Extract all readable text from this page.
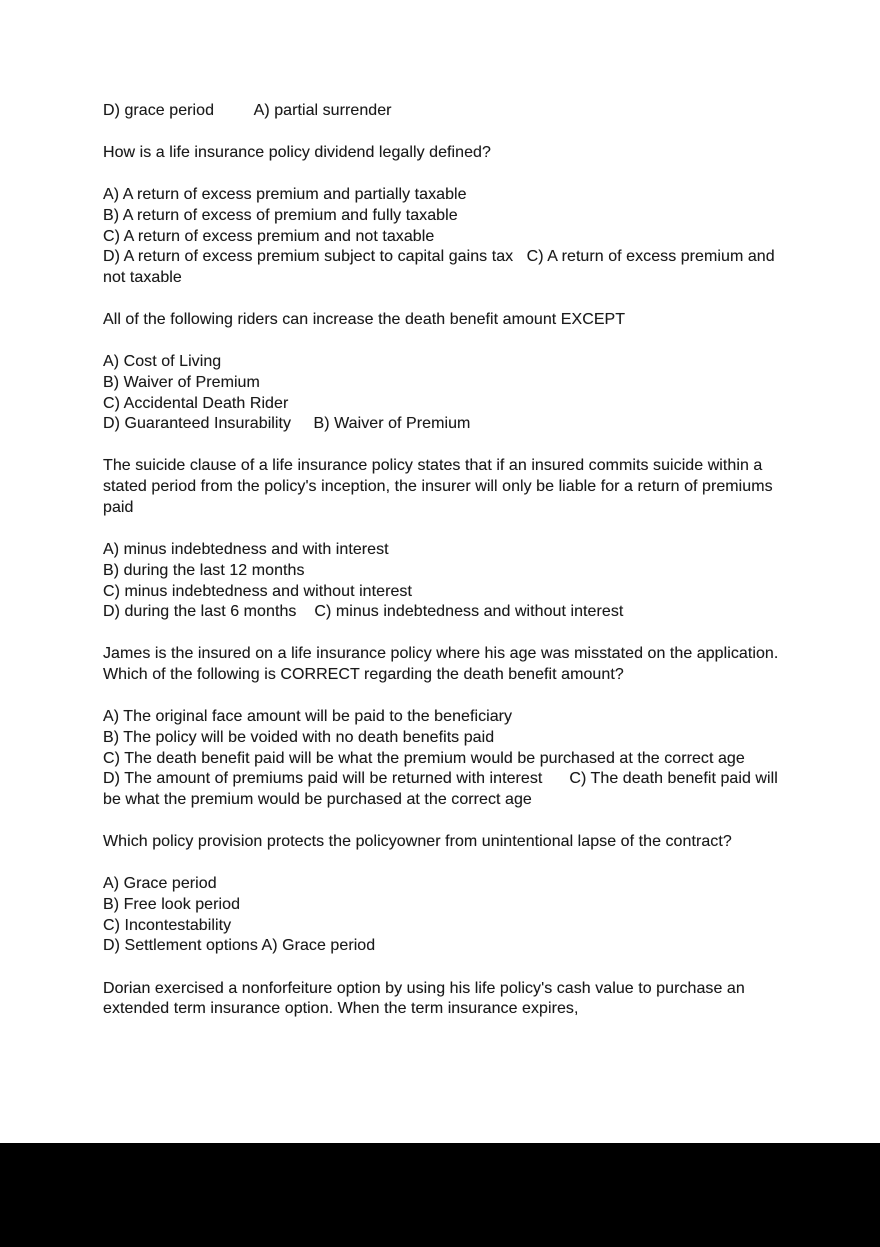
D) grace period         A) partial surrender
How is a life insurance policy dividend legally defined?
A) A return of excess premium and partially taxable
B) A return of excess of premium and fully taxable
C) A return of excess premium and not taxable
D) A return of excess premium subject to capital gains tax   C) A return of excess premium and
not taxable
All of the following riders can increase the death benefit amount EXCEPT
A) Cost of Living
B) Waiver of Premium
C) Accidental Death Rider
D) Guaranteed Insurability     B) Waiver of Premium
The suicide clause of a life insurance policy states that if an insured commits suicide within a
stated period from the policy's inception, the insurer will only be liable for a return of premiums
paid
A) minus indebtedness and with interest
B) during the last 12 months
C) minus indebtedness and without interest
D) during the last 6 months    C) minus indebtedness and without interest
James is the insured on a life insurance policy where his age was misstated on the application.
Which of the following is CORRECT regarding the death benefit amount?
A) The original face amount will be paid to the beneficiary
B) The policy will be voided with no death benefits paid
C) The death benefit paid will be what the premium would be purchased at the correct age
D) The amount of premiums paid will be returned with interest      C) The death benefit paid will
be what the premium would be purchased at the correct age
Which policy provision protects the policyowner from unintentional lapse of the contract?
A) Grace period
B) Free look period
C) Incontestability
D) Settlement options A) Grace period
Dorian exercised a nonforfeiture option by using his life policy's cash value to purchase an
extended term insurance option. When the term insurance expires,
